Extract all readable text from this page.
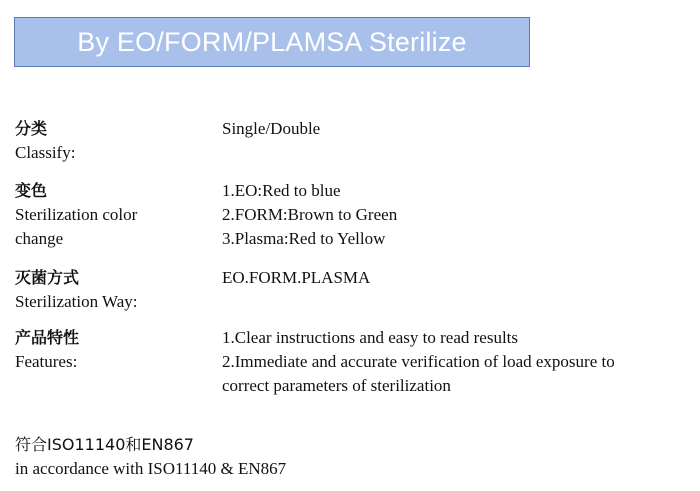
By EO/FORM/PLAMSA Sterilize
分类
Classify:
Single/Double
变色
Sterilization color
change
1.EO:Red to blue
2.FORM:Brown to Green
3.Plasma:Red to Yellow
灭菌方式
Sterilization Way:
EO.FORM.PLASMA
产品特性
Features:
1.Clear instructions and easy to read results
2.Immediate and accurate verification of load exposure to
correct parameters of sterilization
符合ISO11140和EN867
in accordance with ISO11140 & EN867
